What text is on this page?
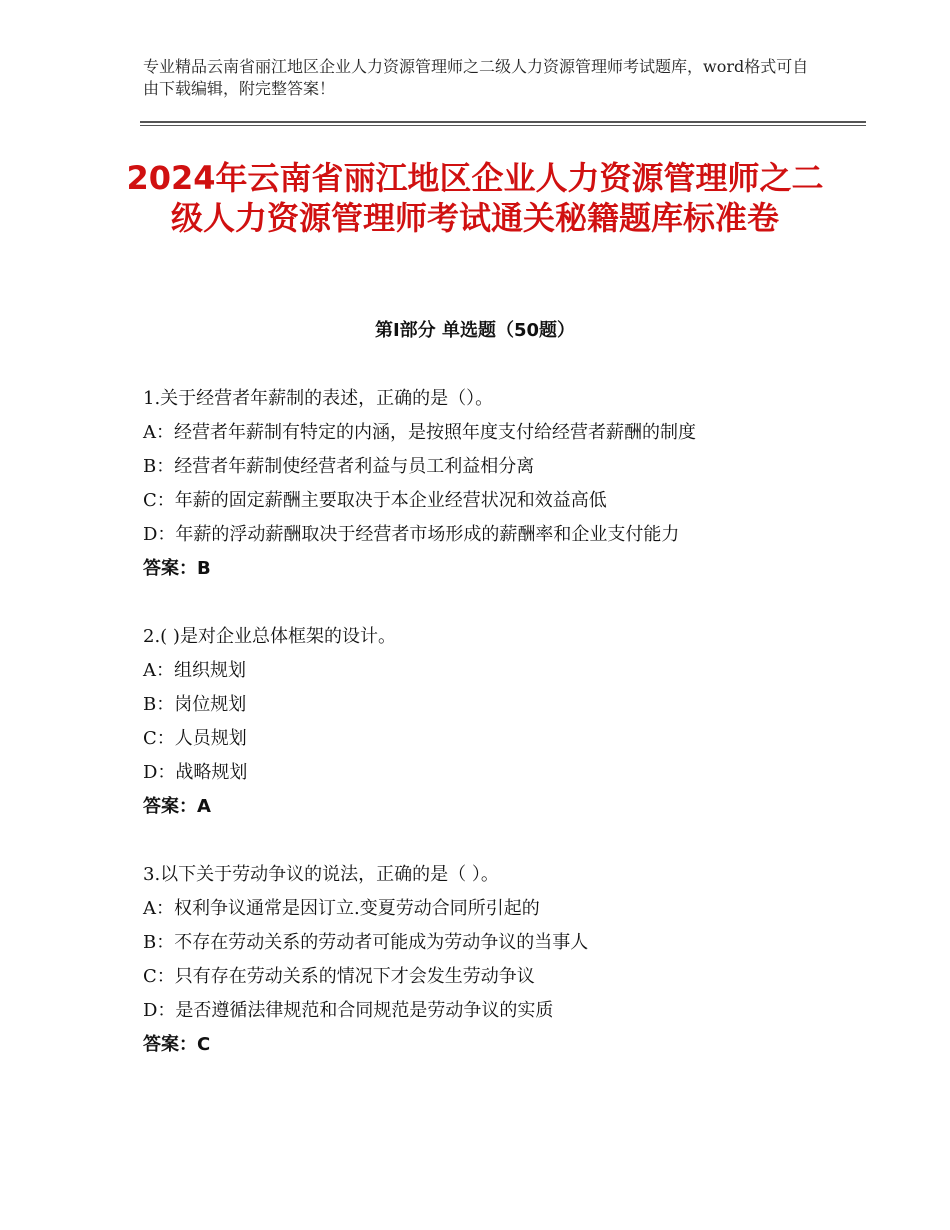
专业精品云南省丽江地区企业人力资源管理师之二级人力资源管理师考试题库，word格式可自由下载编辑，附完整答案！
2024年云南省丽江地区企业人力资源管理师之二级人力资源管理师考试通关秘籍题库标准卷
第Ⅰ部分 单选题（50题）
1.关于经营者年薪制的表述，正确的是（）。
A：经营者年薪制有特定的内涵，是按照年度支付给经营者薪酬的制度
B：经营者年薪制使经营者利益与员工利益相分离
C：年薪的固定薪酬主要取决于本企业经营状况和效益高低
D：年薪的浮动薪酬取决于经营者市场形成的薪酬率和企业支付能力
答案：B
2.( )是对企业总体框架的设计。
A：组织规划
B：岗位规划
C：人员规划
D：战略规划
答案：A
3.以下关于劳动争议的说法，正确的是（ ）。
A：权利争议通常是因订立.变夏劳动合同所引起的
B：不存在劳动关系的劳动者可能成为劳动争议的当事人
C：只有存在劳动关系的情况下才会发生劳动争议
D：是否遵循法律规范和合同规范是劳动争议的实质
答案：C
